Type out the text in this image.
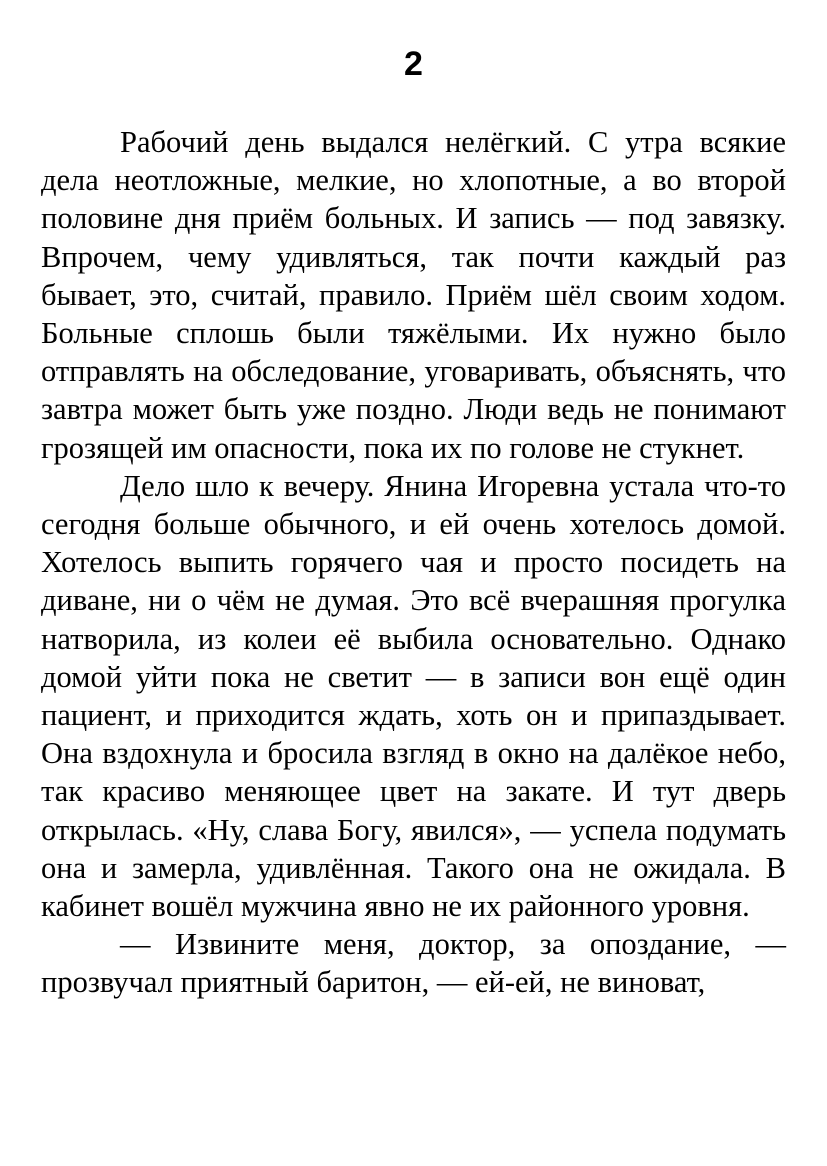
2

Рабочий день выдался нелёгкий. С утра всякие дела неотложные, мелкие, но хлопотные, а во второй половине дня приём больных. И запись — под завязку. Впрочем, чему удивляться, так почти каждый раз бывает, это, считай, правило. Приём шёл своим ходом. Больные сплошь были тяжёлыми. Их нужно было отправлять на обследование, уговаривать, объяснять, что завтра может быть уже поздно. Люди ведь не понимают грозящей им опасности, пока их по голове не стукнет.

Дело шло к вечеру. Янина Игоревна устала что-то сегодня больше обычного, и ей очень хотелось домой. Хотелось выпить горячего чая и просто посидеть на диване, ни о чём не думая. Это всё вчерашняя прогулка натворила, из колеи её выбила основательно. Однако домой уйти пока не светит — в записи вон ещё один пациент, и приходится ждать, хоть он и припаздывает. Она вздохнула и бросила взгляд в окно на далёкое небо, так красиво меняющее цвет на закате. И тут дверь открылась. «Ну, слава Богу, явился», — успела подумать она и замерла, удивлённая. Такого она не ожидала. В кабинет вошёл мужчина явно не их районного уровня.

— Извините меня, доктор, за опоздание, — прозвучал приятный баритон, — ей-ей, не виноват,
